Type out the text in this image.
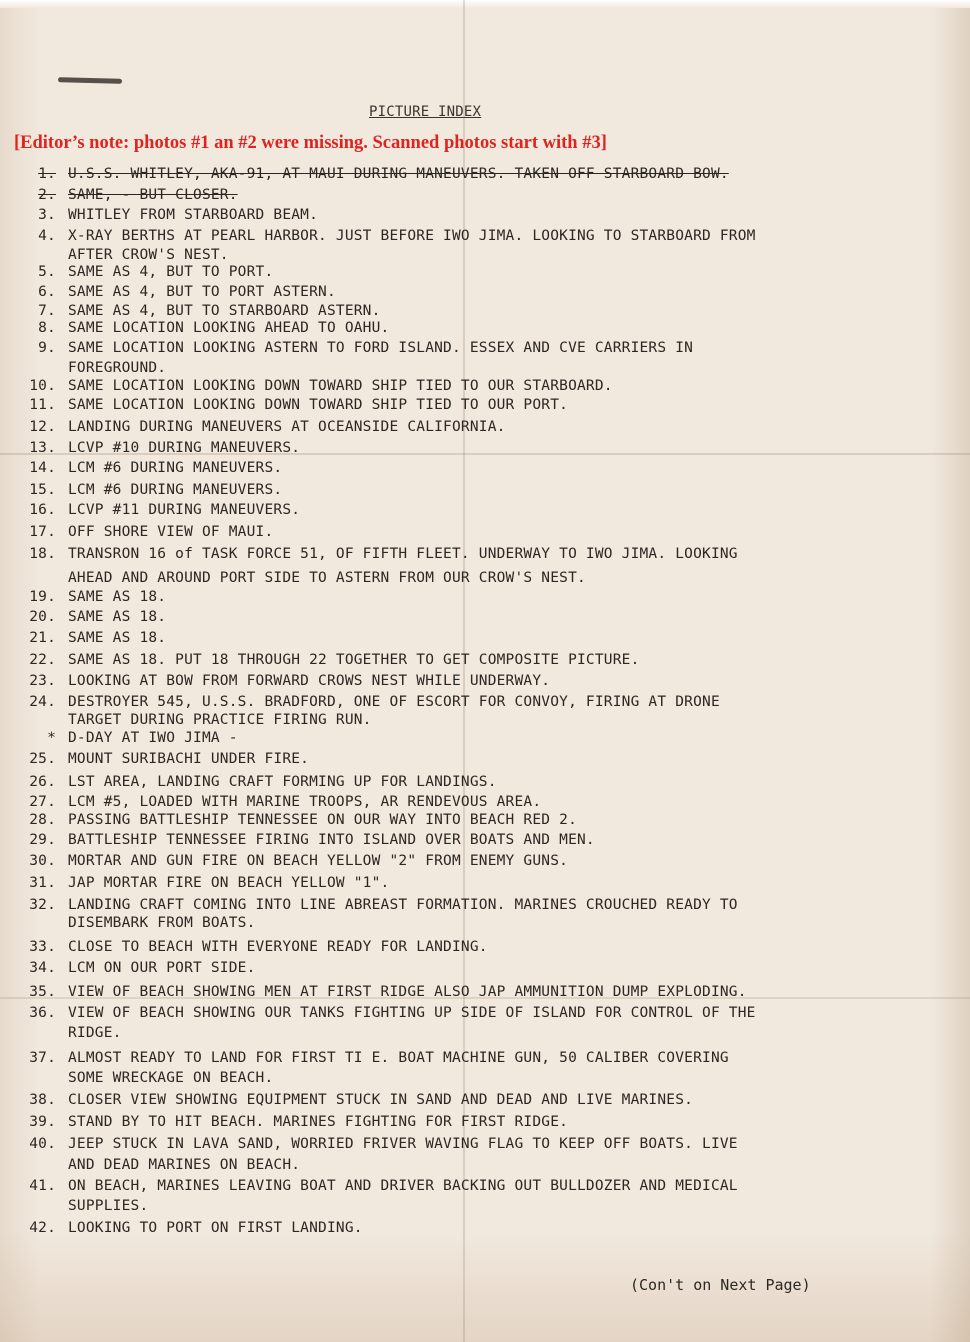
PICTURE INDEX
[Editor’s note: photos #1 an #2 were missing. Scanned photos start with #3]
1. U.S.S. WHITLEY, AKA-91, AT MAUI DURING MANEUVERS. TAKEN OFF STARBOARD BOW.
2. SAME, - BUT CLOSER.
3. WHITLEY FROM STARBOARD BEAM.
4. X-RAY BERTHS AT PEARL HARBOR. JUST BEFORE IWO JIMA. LOOKING TO STARBOARD FROM
AFTER CROW'S NEST.
5. SAME AS 4, BUT TO PORT.
6. SAME AS 4, BUT TO PORT ASTERN.
7. SAME AS 4, BUT TO STARBOARD ASTERN.
8. SAME LOCATION LOOKING AHEAD TO OAHU.
9. SAME LOCATION LOOKING ASTERN TO FORD ISLAND. ESSEX AND CVE CARRIERS IN
FOREGROUND.
10. SAME LOCATION LOOKING DOWN TOWARD SHIP TIED TO OUR STARBOARD.
11. SAME LOCATION LOOKING DOWN TOWARD SHIP TIED TO OUR PORT.
12. LANDING DURING MANEUVERS AT OCEANSIDE CALIFORNIA.
13. LCVP #10 DURING MANEUVERS.
14. LCM #6 DURING MANEUVERS.
15. LCM #6 DURING MANEUVERS.
16. LCVP #11 DURING MANEUVERS.
17. OFF SHORE VIEW OF MAUI.
18. TRANSRON 16 of TASK FORCE 51, OF FIFTH FLEET. UNDERWAY TO IWO JIMA. LOOKING
AHEAD AND AROUND PORT SIDE TO ASTERN FROM OUR CROW'S NEST.
19. SAME AS 18.
20. SAME AS 18.
21. SAME AS 18.
22. SAME AS 18. PUT 18 THROUGH 22 TOGETHER TO GET COMPOSITE PICTURE.
23. LOOKING AT BOW FROM FORWARD CROWS NEST WHILE UNDERWAY.
24. DESTROYER 545, U.S.S. BRADFORD, ONE OF ESCORT FOR CONVOY, FIRING AT DRONE
TARGET DURING PRACTICE FIRING RUN.
* D-DAY AT IWO JIMA -
25. MOUNT SURIBACHI UNDER FIRE.
26. LST AREA, LANDING CRAFT FORMING UP FOR LANDINGS.
27. LCM #5, LOADED WITH MARINE TROOPS, AR RENDEVOUS AREA.
28. PASSING BATTLESHIP TENNESSEE ON OUR WAY INTO BEACH RED 2.
29. BATTLESHIP TENNESSEE FIRING INTO ISLAND OVER BOATS AND MEN.
30. MORTAR AND GUN FIRE ON BEACH YELLOW "2" FROM ENEMY GUNS.
31. JAP MORTAR FIRE ON BEACH YELLOW "1".
32. LANDING CRAFT COMING INTO LINE ABREAST FORMATION. MARINES CROUCHED READY TO
DISEMBARK FROM BOATS.
33. CLOSE TO BEACH WITH EVERYONE READY FOR LANDING.
34. LCM ON OUR PORT SIDE.
35. VIEW OF BEACH SHOWING MEN AT FIRST RIDGE ALSO JAP AMMUNITION DUMP EXPLODING.
36. VIEW OF BEACH SHOWING OUR TANKS FIGHTING UP SIDE OF ISLAND FOR CONTROL OF THE
RIDGE.
37. ALMOST READY TO LAND FOR FIRST TI E. BOAT MACHINE GUN, 50 CALIBER COVERING
SOME WRECKAGE ON BEACH.
38. CLOSER VIEW SHOWING EQUIPMENT STUCK IN SAND AND DEAD AND LIVE MARINES.
39. STAND BY TO HIT BEACH. MARINES FIGHTING FOR FIRST RIDGE.
40. JEEP STUCK IN LAVA SAND, WORRIED FRIVER WAVING FLAG TO KEEP OFF BOATS. LIVE
AND DEAD MARINES ON BEACH.
41. ON BEACH, MARINES LEAVING BOAT AND DRIVER BACKING OUT BULLDOZER AND MEDICAL
SUPPLIES.
42. LOOKING TO PORT ON FIRST LANDING.
(Con't on Next Page)
